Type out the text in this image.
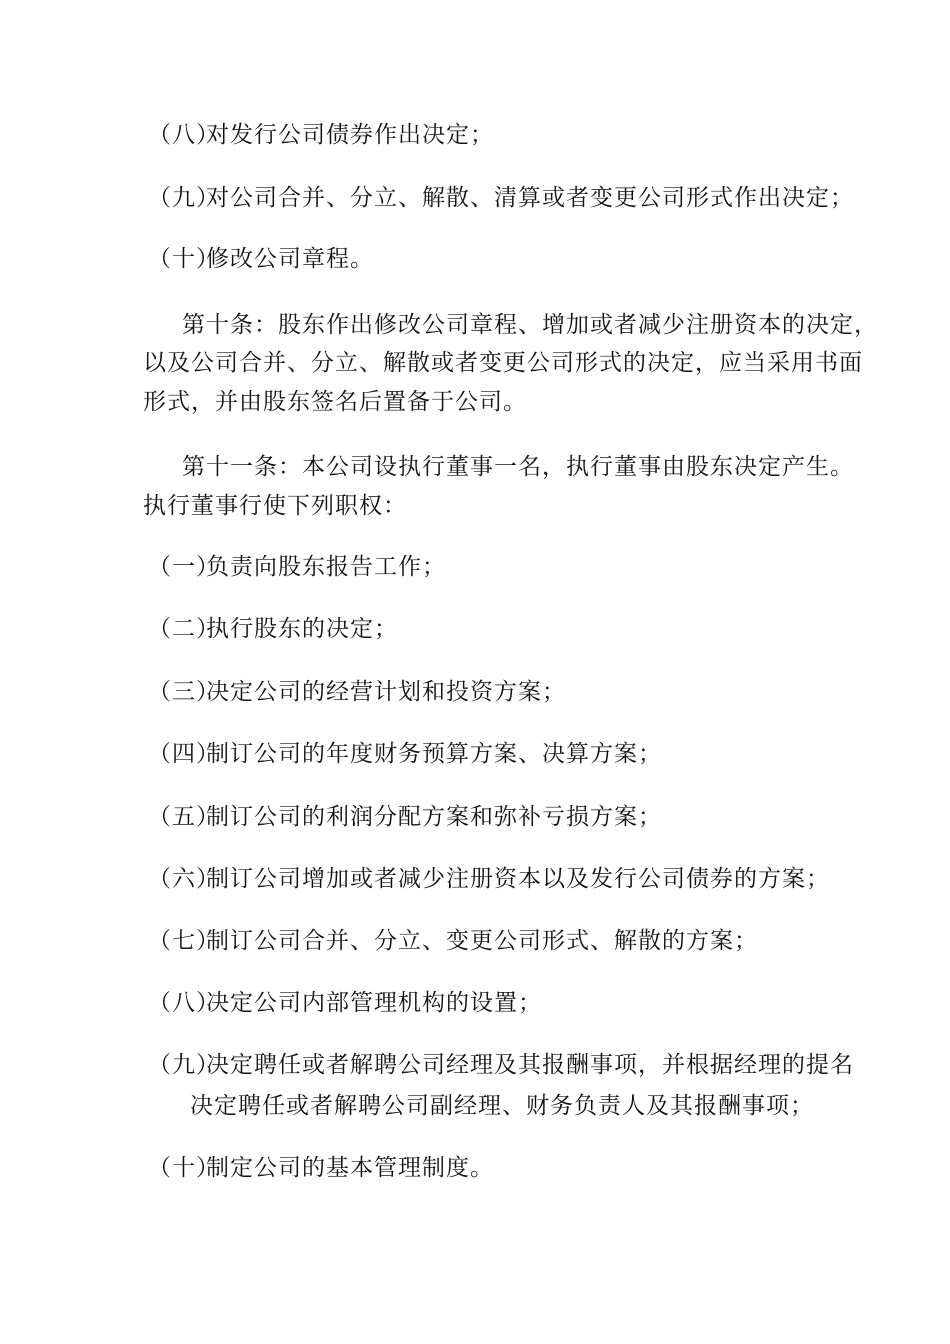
（八）对发行公司债券作出决定；
（九）对公司合并、分立、解散、清算或者变更公司形式作出决定；
（十）修改公司章程。
第十条：股东作出修改公司章程、增加或者减少注册资本的决定，
以及公司合并、分立、解散或者变更公司形式的决定，应当采用书面
形式，并由股东签名后置备于公司。
第十一条：本公司设执行董事一名，执行董事由股东决定产生。
执行董事行使下列职权：
（一）负责向股东报告工作；
（二）执行股东的决定；
（三）决定公司的经营计划和投资方案；
（四）制订公司的年度财务预算方案、决算方案；
（五）制订公司的利润分配方案和弥补亏损方案；
（六）制订公司增加或者减少注册资本以及发行公司债券的方案；
（七）制订公司合并、分立、变更公司形式、解散的方案；
（八）决定公司内部管理机构的设置；
（九）决定聘任或者解聘公司经理及其报酬事项，并根据经理的提名
决定聘任或者解聘公司副经理、财务负责人及其报酬事项；
（十）制定公司的基本管理制度。
